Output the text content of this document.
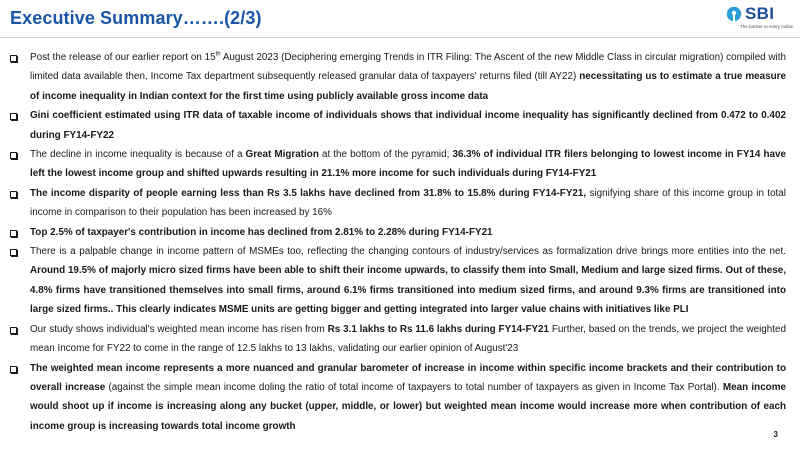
Executive Summary…….(2/3)	SBI
The banker to every Indian

Post the release of our earlier report on 15th August 2023 (Deciphering emerging Trends in ITR Filing: The Ascent of the new Middle Class in circular migration) compiled with limited data available then, Income Tax department subsequently released granular data of taxpayers' returns filed (till AY22) necessitating us to estimate a true measure of income inequality in Indian context for the first time using publicly available gross income data

Gini coefficient estimated using ITR data of taxable income of individuals shows that individual income inequality has significantly declined from 0.472 to 0.402 during FY14-FY22

The decline in income inequality is because of a Great Migration at the bottom of the pyramid; 36.3% of individual ITR filers belonging to lowest income in FY14 have left the lowest income group and shifted upwards resulting in 21.1% more income for such individuals during FY14-FY21

The income disparity of people earning less than Rs 3.5 lakhs have declined from 31.8% to 15.8% during FY14-FY21, signifying share of this income group in total income in comparison to their population has been increased by 16%

Top 2.5% of taxpayer's contribution in income has declined from 2.81% to 2.28% during FY14-FY21

There is a palpable change in income pattern of MSMEs too, reflecting the changing contours of industry/services as formalization drive brings more entities into the net. Around 19.5% of majorly micro sized firms have been able to shift their income upwards, to classify them into Small, Medium and large sized firms. Out of these, 4.8% firms have transitioned themselves into small firms, around 6.1% firms transitioned into medium sized firms, and around 9.3% firms are transitioned into large sized firms.. This clearly indicates MSME units are getting bigger and getting integrated into larger value chains with initiatives like PLI

Our study shows individual's weighted mean income has risen from Rs 3.1 lakhs to Rs 11.6 lakhs during FY14-FY21 Further, based on the trends, we project the weighted mean Income for FY22 to come in the range of 12.5 lakhs to 13 lakhs, validating our earlier opinion of August'23

The weighted mean income represents a more nuanced and granular barometer of increase in income within specific income brackets and their contribution to overall increase (against the simple mean income doling the ratio of total income of taxpayers to total number of taxpayers as given in Income Tax Portal). Mean income would shoot up if income is increasing along any bucket (upper, middle, or lower) but weighted mean income would increase more when contribution of each income group is increasing towards total income growth

3
